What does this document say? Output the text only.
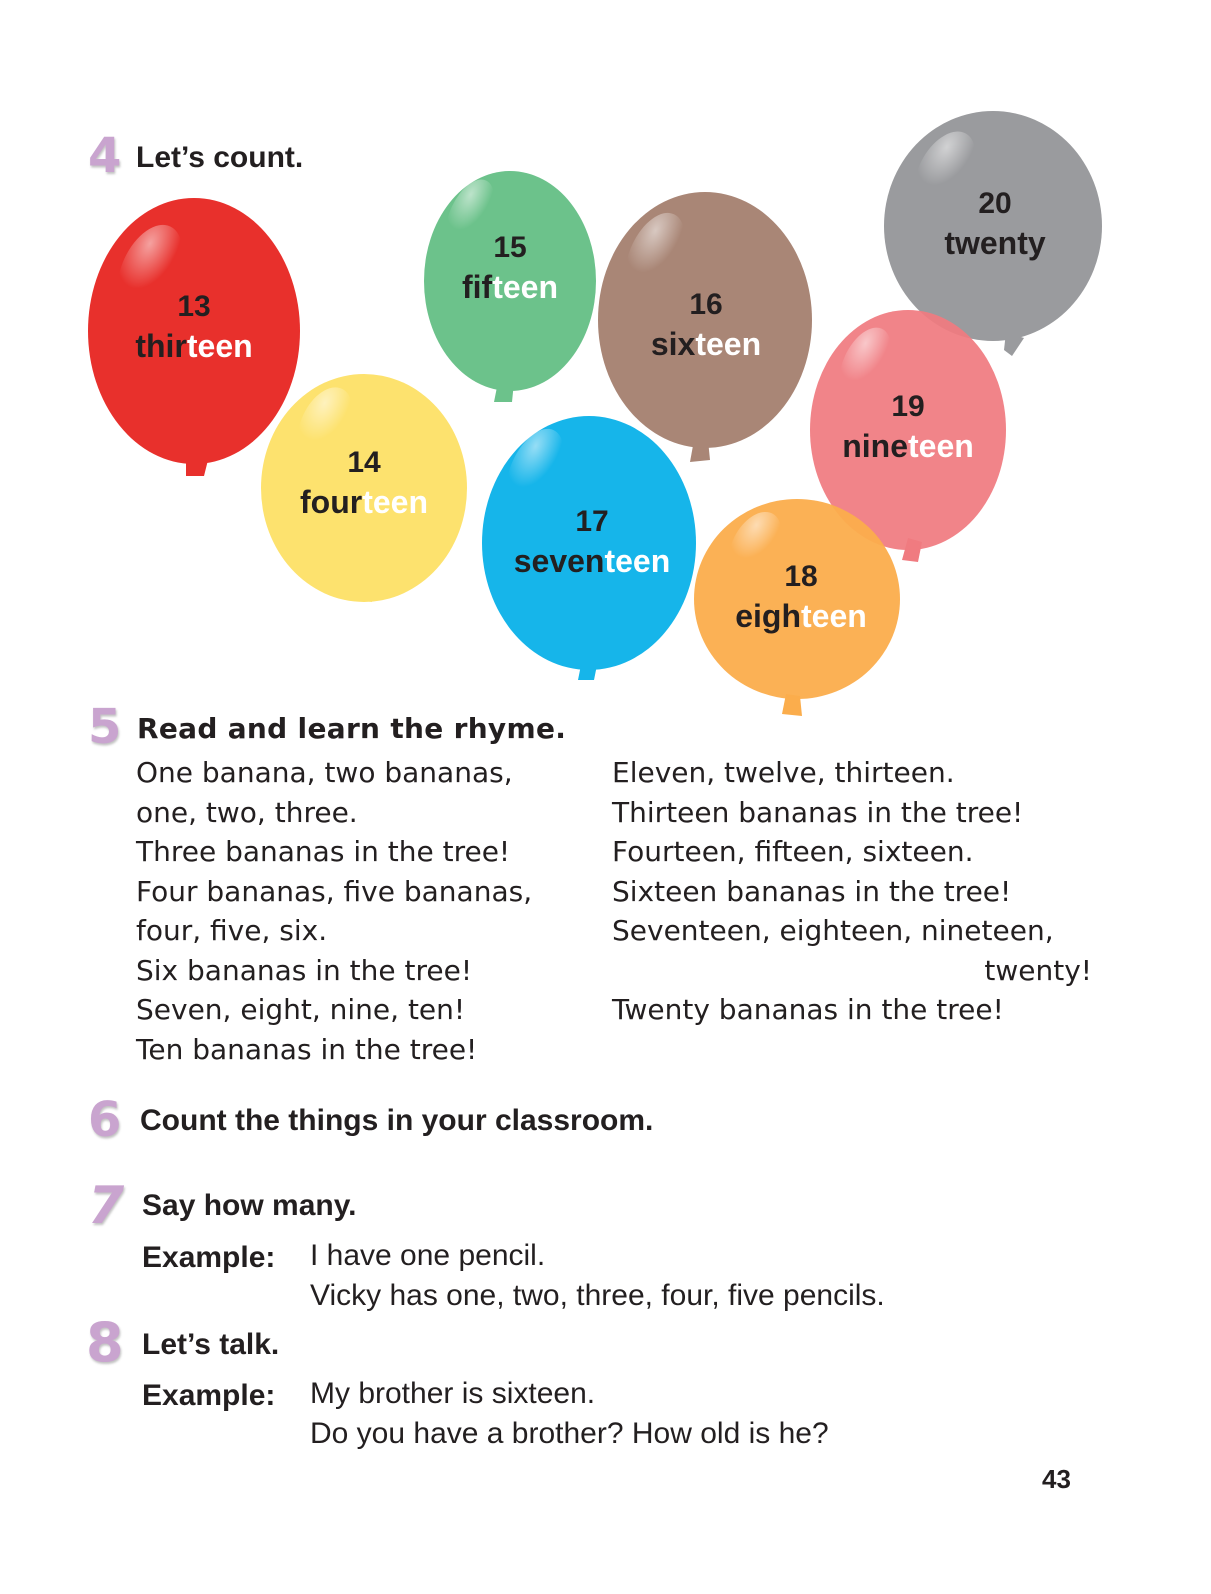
4 Let’s count.
13
thirteen
14
fourteen
15
fifteen	16
sixteen
17
seventeen	18
eighteen
19
nineteen
20
twenty
5 Read and learn the rhyme.
One banana, two bananas,
one, two, three.
Three bananas in the tree!
Four bananas, five bananas,
four, five, six.
Six bananas in the tree!
Seven, eight, nine, ten!
Ten bananas in the tree!
Eleven, twelve, thirteen.
Thirteen bananas in the tree!
Fourteen, fifteen, sixteen.
Sixteen bananas in the tree!
Seventeen, eighteen, nineteen,
twenty!
Twenty bananas in the tree!
6 Count the things in your classroom.
7 Say how many.
Example: I have one pencil.
Vicky has one, two, three, four, five pencils.
8 Let’s talk.
Example: My brother is sixteen.
Do you have a brother? How old is he?
43
